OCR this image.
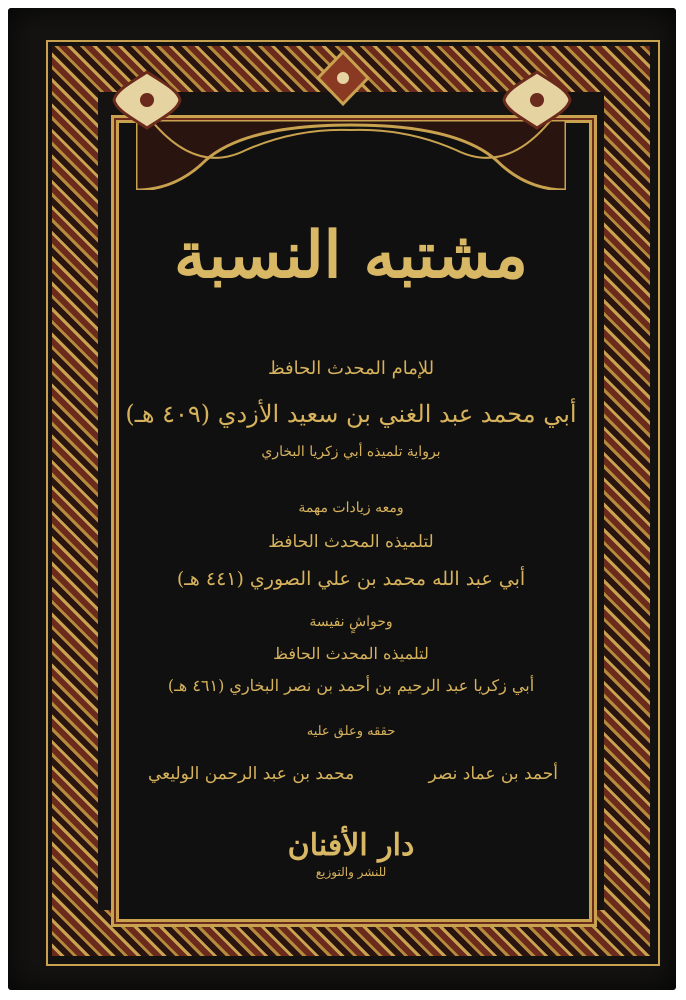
مشتبه النسبة
للإمام المحدث الحافظ
أبي محمد عبد الغني بن سعيد الأزدي (٤٠٩ هـ)
برواية تلميذه أبي زكريا البخاري
ومعه زيادات مهمة
لتلميذه المحدث الحافظ
أبي عبد الله محمد بن علي الصوري (٤٤١ هـ)
وحواشٍ نفيسة
لتلميذه المحدث الحافظ
أبي زكريا عبد الرحيم بن أحمد بن نصر البخاري (٤٦١ هـ)
حققه وعلق عليه
أحمد بن عماد نصر
محمد بن عبد الرحمن الوليعي
دار الأفنان
للنشر والتوزيع
